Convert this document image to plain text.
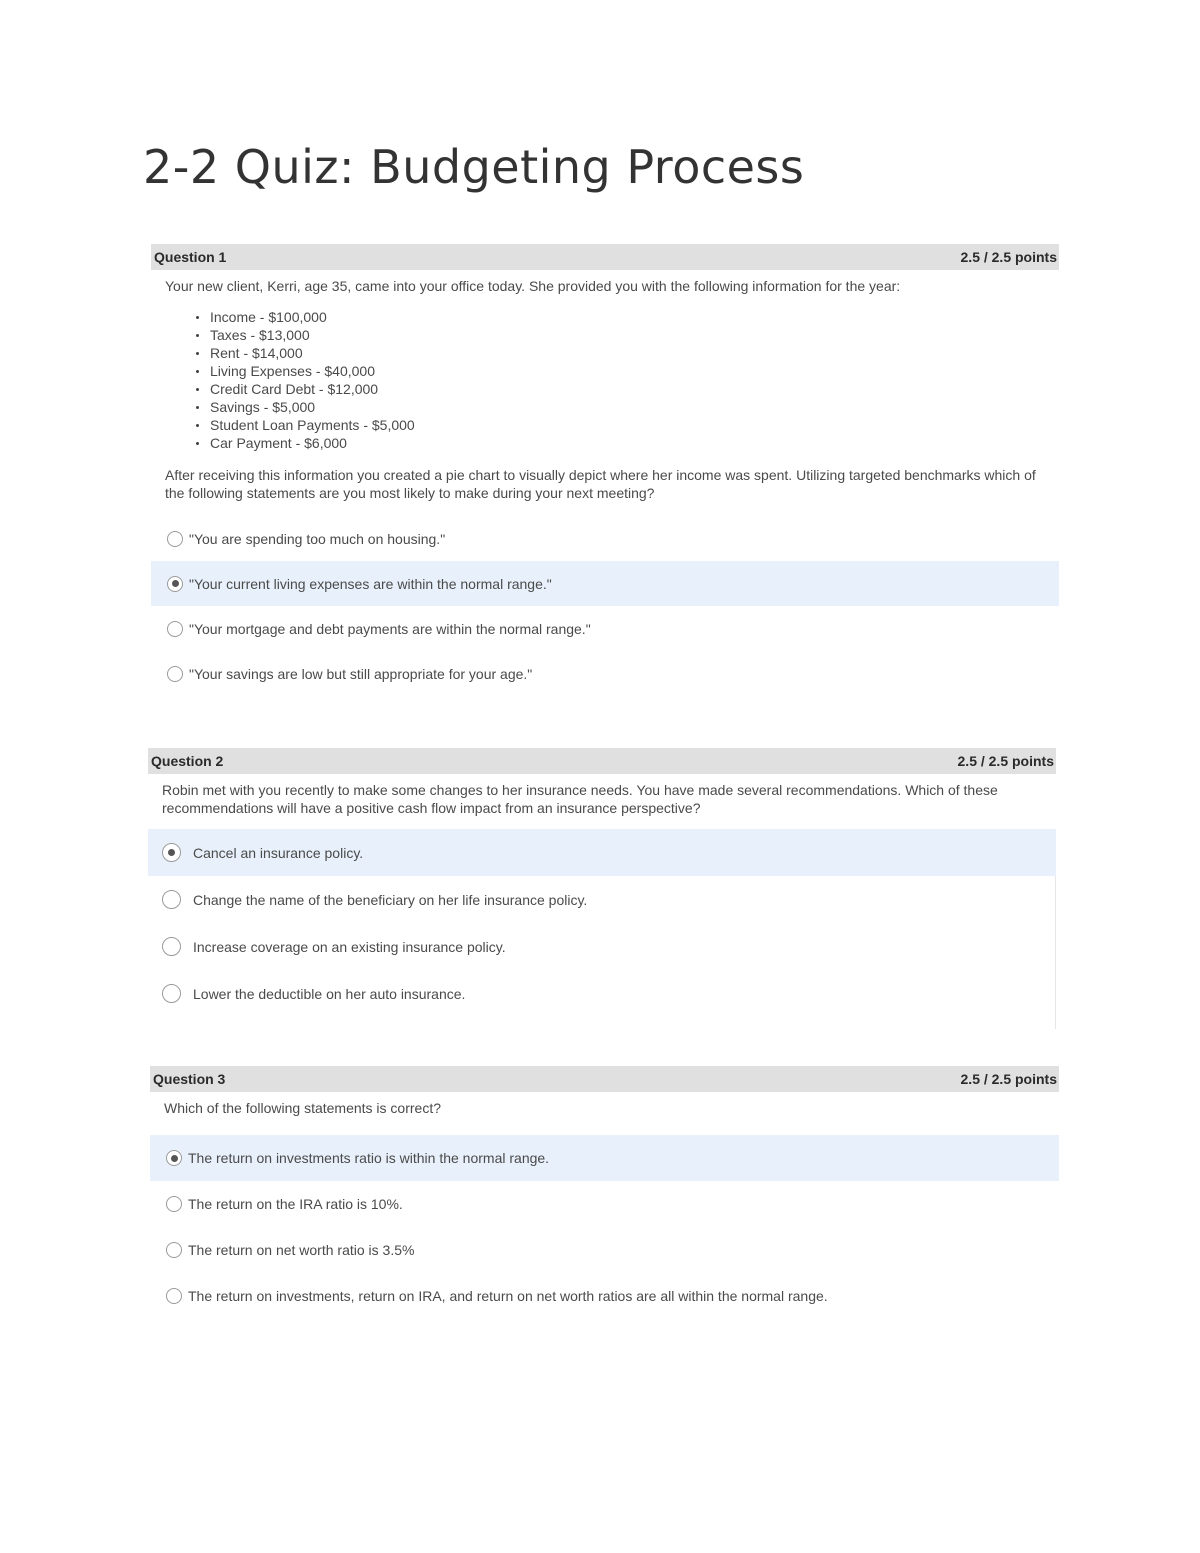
2-2 Quiz: Budgeting Process
Question 1	2.5 / 2.5 points

Your new client, Kerri, age 35, came into your office today. She provided you with the following information for the year:

Income - $100,000
Taxes - $13,000
Rent - $14,000
Living Expenses - $40,000
Credit Card Debt - $12,000
Savings - $5,000
Student Loan Payments - $5,000
Car Payment - $6,000

After receiving this information you created a pie chart to visually depict where her income was spent. Utilizing targeted benchmarks which of the following statements are you most likely to make during your next meeting?

"You are spending too much on housing."
"Your current living expenses are within the normal range."
"Your mortgage and debt payments are within the normal range."
"Your savings are low but still appropriate for your age."
Question 2	2.5 / 2.5 points

Robin met with you recently to make some changes to her insurance needs. You have made several recommendations. Which of these recommendations will have a positive cash flow impact from an insurance perspective?

Cancel an insurance policy.
Change the name of the beneficiary on her life insurance policy.
Increase coverage on an existing insurance policy.
Lower the deductible on her auto insurance.
Question 3	2.5 / 2.5 points

Which of the following statements is correct?

The return on investments ratio is within the normal range.
The return on the IRA ratio is 10%.
The return on net worth ratio is 3.5%
The return on investments, return on IRA, and return on net worth ratios are all within the normal range.
